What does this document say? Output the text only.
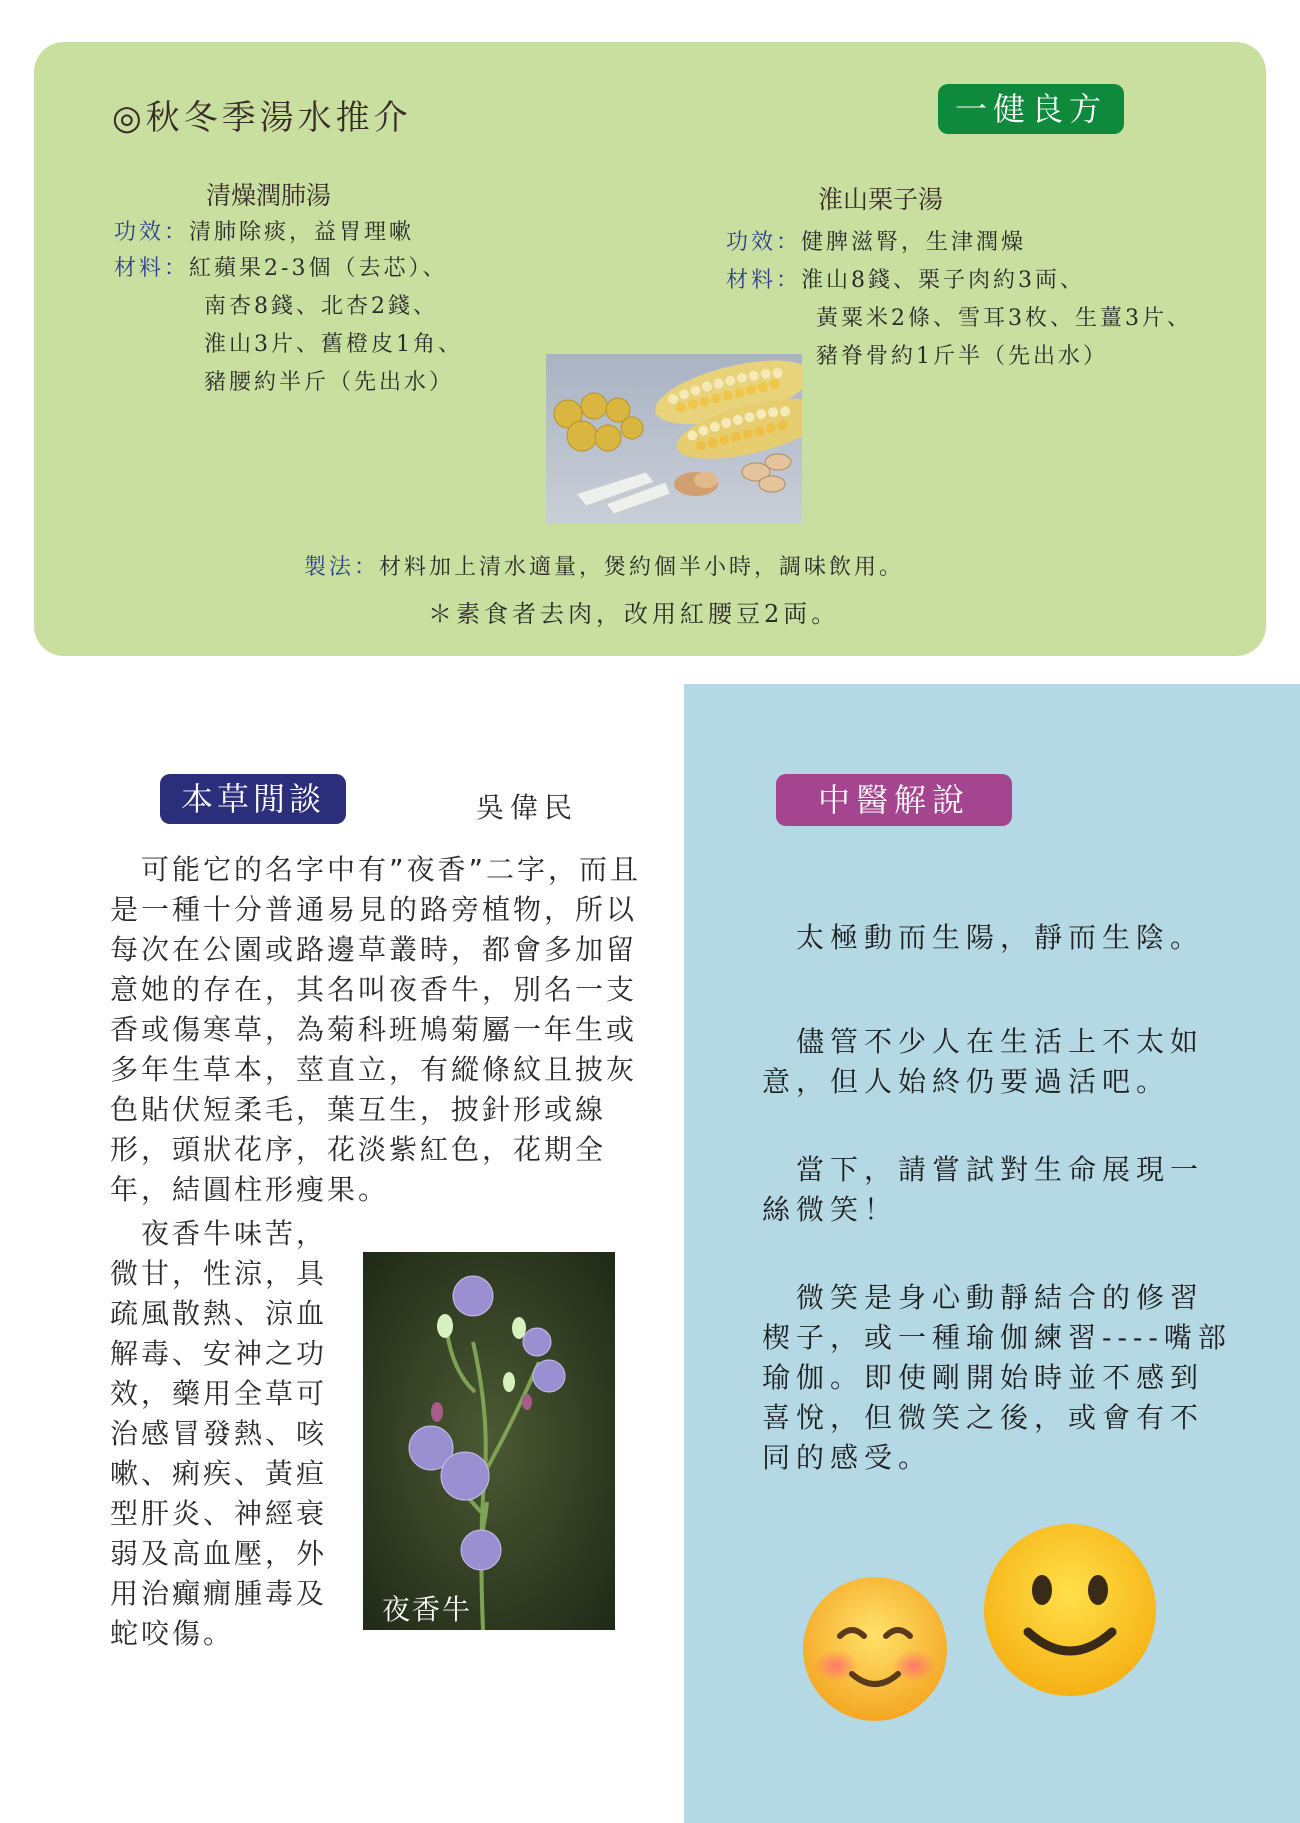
◎秋冬季湯水推介	一健良方
清燥潤肺湯
功效：清肺除痰，益胃理嗽
材料：紅蘋果2-3個（去芯）、
南杏8錢、北杏2錢、
淮山3片、舊橙皮1角、
豬腰約半斤（先出水）
淮山栗子湯
功效：健脾滋腎，生津潤燥
材料：淮山8錢、栗子肉約3両、
黃粟米2條、雪耳3枚、生薑3片、
豬脊骨約1斤半（先出水）
製法：材料加上清水適量，煲約個半小時，調味飲用。
＊素食者去肉，改用紅腰豆2両。
中醫解說
　太極動而生陽，靜而生陰。
　儘管不少人在生活上不太如
意，但人始終仍要過活吧。
　當下，請嘗試對生命展現一
絲微笑！
　微笑是身心動靜結合的修習
楔子，或一種瑜伽練習----嘴部
瑜伽。即使剛開始時並不感到
喜悅，但微笑之後，或會有不
同的感受。
本草閒談	吳偉民
　可能它的名字中有”夜香”二字，而且
是一種十分普通易見的路旁植物，所以
每次在公園或路邊草叢時，都會多加留
意她的存在，其名叫夜香牛，別名一支
香或傷寒草，為菊科班鳩菊屬一年生或
多年生草本，莖直立，有縱條紋且披灰
色貼伏短柔毛，葉互生，披針形或線
形，頭狀花序，花淡紫紅色，花期全
年，結圓柱形瘦果。
　夜香牛味苦，
微甘，性涼，具
疏風散熱、涼血
解毒、安神之功
效，藥用全草可
治感冒發熱、咳
嗽、痢疾、黃疸
型肝炎、神經衰
弱及高血壓，外
用治癲癇腫毒及
蛇咬傷。
夜香牛
